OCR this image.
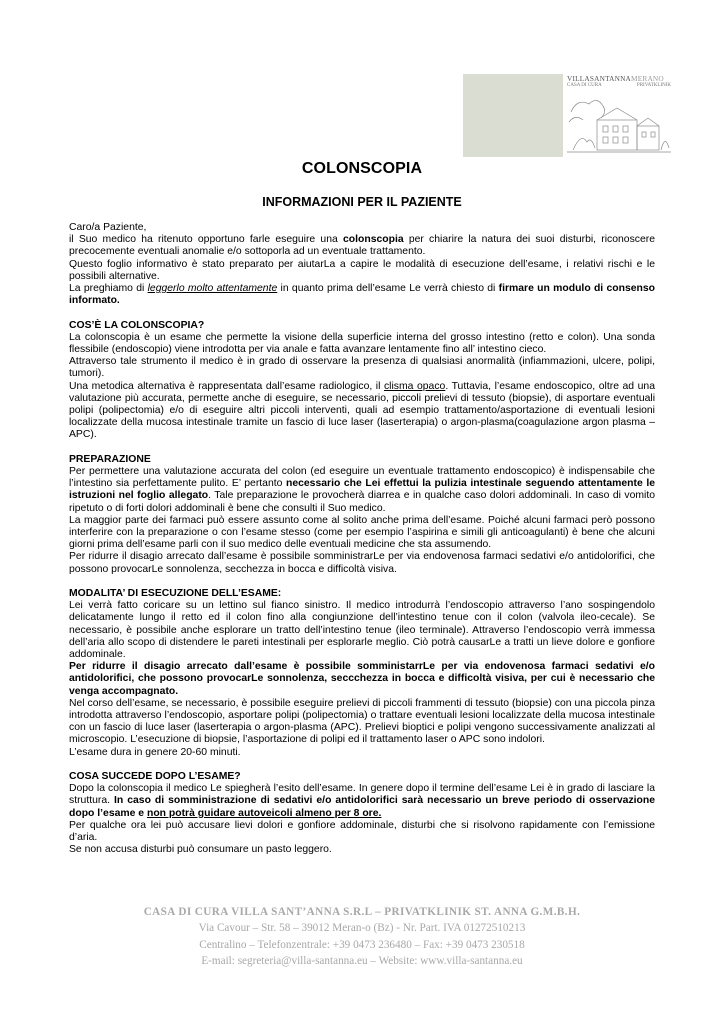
VILLASANTANNAMERANO
CASA DI CURA	PRIVATKLINIK
COLONSCOPIA
INFORMAZIONI PER IL PAZIENTE

Caro/a Paziente,

il Suo medico ha ritenuto opportuno farle eseguire una colonscopia per chiarire la natura dei suoi disturbi, riconoscere precocemente eventuali anomalie e/o sottoporla ad un eventuale trattamento.

Questo foglio informativo è stato preparato per aiutarLa a capire le modalità di esecuzione dell’esame, i relativi rischi e le possibili alternative.

La preghiamo di leggerlo molto attentamente in quanto prima dell’esame Le verrà chiesto di firmare un modulo di consenso informato.

COS’È LA COLONSCOPIA?

La colonscopia è un esame che permette la visione della superficie interna del grosso intestino (retto e colon). Una sonda flessibile (endoscopio) viene introdotta per via anale e fatta avanzare lentamente fino all’ intestino cieco.

Attraverso tale strumento il medico è in grado di osservare la presenza di qualsiasi anormalità (infiammazioni, ulcere, polipi, tumori).

Una metodica alternativa è rappresentata dall’esame radiologico, il clisma opaco. Tuttavia, l’esame endoscopico, oltre ad una valutazione più accurata, permette anche di eseguire, se necessario, piccoli prelievi di tessuto (biopsie), di asportare eventuali polipi (polipectomia) e/o di eseguire altri piccoli interventi, quali ad esempio trattamento/asportazione di eventuali lesioni localizzate della mucosa intestinale tramite un fascio di luce laser (laserterapia) o argon-plasma(coagulazione argon plasma – APC).

PREPARAZIONE

Per permettere una valutazione accurata del colon (ed eseguire un eventuale trattamento endoscopico) è indispensabile che l’intestino sia perfettamente pulito. E’ pertanto necessario che Lei effettui la pulizia intestinale seguendo attentamente le istruzioni nel foglio allegato. Tale preparazione le provocherà diarrea e in qualche caso dolori addominali. In caso di vomito ripetuto o di forti dolori addominali è bene che consulti il Suo medico.

La maggior parte dei farmaci può essere assunto come al solito anche prima dell’esame. Poiché alcuni farmaci però possono interferire con la preparazione o con l’esame stesso (come per esempio l’aspirina e simili gli anticoagulanti) è bene che alcuni giorni prima dell’esame parli con il suo medico delle eventuali medicine che sta assumendo.

Per ridurre il disagio arrecato dall’esame è possibile somministrarLe per via endovenosa farmaci sedativi e/o antidolorifici, che possono provocarLe sonnolenza, secchezza in bocca e difficoltà visiva.

MODALITA’ DI ESECUZIONE DELL’ESAME:

Lei verrà fatto coricare su un lettino sul fianco sinistro. Il medico introdurrà l’endoscopio attraverso l’ano sospingendolo delicatamente lungo il retto ed il colon fino alla congiunzione dell’intestino tenue con il colon (valvola ileo-cecale). Se necessario, è possibile anche esplorare un tratto dell’intestino tenue (ileo terminale). Attraverso l’endoscopio verrà immessa dell’aria allo scopo di distendere le pareti intestinali per esplorarle meglio. Ciò potrà causarLe a tratti un lieve dolore e gonfiore addominale.

Per ridurre il disagio arrecato dall’esame è possibile somministarrLe per via endovenosa farmaci sedativi e/o antidolorifici, che possono provocarLe sonnolenza, seccchezza in bocca e difficoltà visiva, per cui è necessario che venga accompagnato.

Nel corso dell’esame, se necessario, è possibile eseguire prelievi di piccoli frammenti di tessuto (biopsie) con una piccola pinza introdotta attraverso l’endoscopio, asportare polipi (polipectomia) o trattare eventuali lesioni localizzate della mucosa intestinale con un fascio di luce laser (laserterapia o argon-plasma (APC). Prelievi bioptici e polipi vengono successivamente analizzati al microscopio. L’esecuzione di biopsie, l’asportazione di polipi ed il trattamento laser o APC sono indolori.

L’esame dura in genere 20-60 minuti.

COSA SUCCEDE DOPO L’ESAME?

Dopo la colonscopia il medico Le spiegherà l’esito dell’esame. In genere dopo il termine dell’esame Lei è in grado di lasciare la struttura. In caso di somministrazione di sedativi e/o antidolorifici sarà necessario un breve periodo di osservazione dopo l’esame e non potrà guidare autoveicoli almeno per 8 ore.

Per qualche ora lei può accusare lievi dolori e gonfiore addominale, disturbi che si risolvono rapidamente con l’emissione d’aria.

Se non accusa disturbi può consumare un pasto leggero.

CASA DI CURA VILLA SANT’ANNA S.R.L – PRIVATKLINIK ST. ANNA G.M.B.H.
Via Cavour – Str. 58 – 39012 Meran-o (Bz) - Nr. Part. IVA 01272510213
Centralino – Telefonzentrale: +39 0473 236480 – Fax: +39 0473 230518
E-mail: segreteria@villa-santanna.eu – Website: www.villa-santanna.eu
